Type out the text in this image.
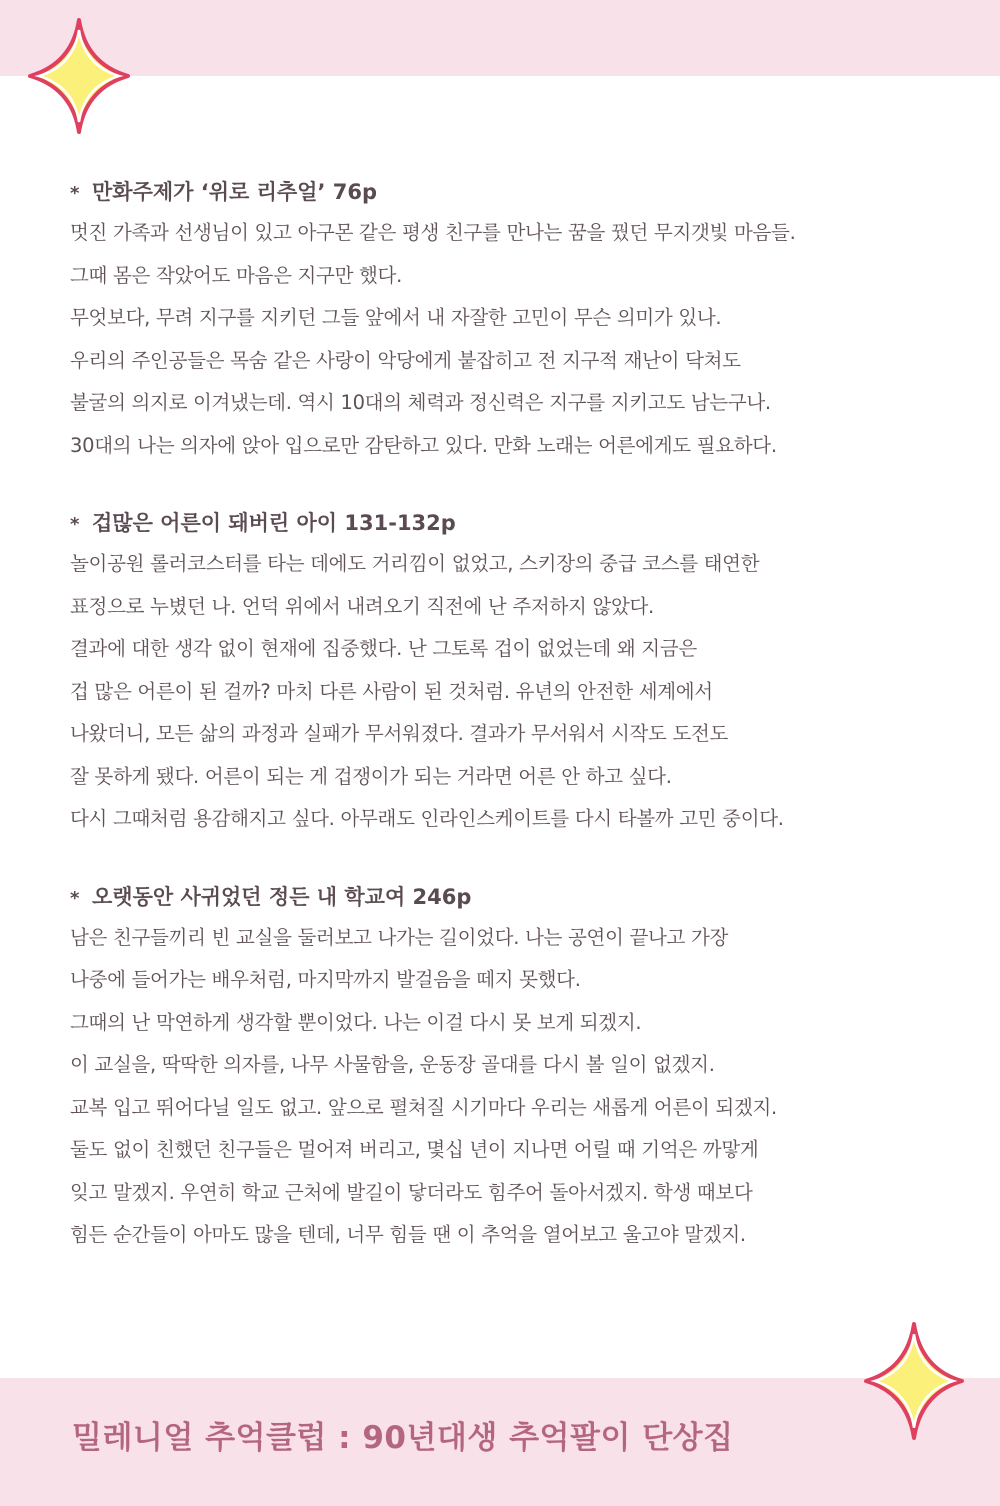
* 만화주제가 ‘위로 리추얼’ 76p
멋진 가족과 선생님이 있고 아구몬 같은 평생 친구를 만나는 꿈을 꿨던 무지갯빛 마음들.
그때 몸은 작았어도 마음은 지구만 했다.
무엇보다, 무려 지구를 지키던 그들 앞에서 내 자잘한 고민이 무슨 의미가 있나.
우리의 주인공들은 목숨 같은 사랑이 악당에게 붙잡히고 전 지구적 재난이 닥쳐도
불굴의 의지로 이겨냈는데. 역시 10대의 체력과 정신력은 지구를 지키고도 남는구나.
30대의 나는 의자에 앉아 입으로만 감탄하고 있다. 만화 노래는 어른에게도 필요하다.
* 겁많은 어른이 돼버린 아이 131-132p
놀이공원 롤러코스터를 타는 데에도 거리낌이 없었고, 스키장의 중급 코스를 태연한
표정으로 누볐던 나. 언덕 위에서 내려오기 직전에 난 주저하지 않았다.
결과에 대한 생각 없이 현재에 집중했다. 난 그토록 겁이 없었는데 왜 지금은
겁 많은 어른이 된 걸까? 마치 다른 사람이 된 것처럼. 유년의 안전한 세계에서
나왔더니, 모든 삶의 과정과 실패가 무서워졌다. 결과가 무서워서 시작도 도전도
잘 못하게 됐다. 어른이 되는 게 겁쟁이가 되는 거라면 어른 안 하고 싶다.
다시 그때처럼 용감해지고 싶다. 아무래도 인라인스케이트를 다시 타볼까 고민 중이다.
* 오랫동안 사귀었던 정든 내 학교여 246p
남은 친구들끼리 빈 교실을 둘러보고 나가는 길이었다. 나는 공연이 끝나고 가장
나중에 들어가는 배우처럼, 마지막까지 발걸음을 떼지 못했다.
그때의 난 막연하게 생각할 뿐이었다. 나는 이걸 다시 못 보게 되겠지.
이 교실을, 딱딱한 의자를, 나무 사물함을, 운동장 골대를 다시 볼 일이 없겠지.
교복 입고 뛰어다닐 일도 없고. 앞으로 펼쳐질 시기마다 우리는 새롭게 어른이 되겠지.
둘도 없이 친했던 친구들은 멀어져 버리고, 몇십 년이 지나면 어릴 때 기억은 까맣게
잊고 말겠지. 우연히 학교 근처에 발길이 닿더라도 힘주어 돌아서겠지. 학생 때보다
힘든 순간들이 아마도 많을 텐데, 너무 힘들 땐 이 추억을 열어보고 울고야 말겠지.
밀레니얼 추억클럽 : 90년대생 추억팔이 단상집
